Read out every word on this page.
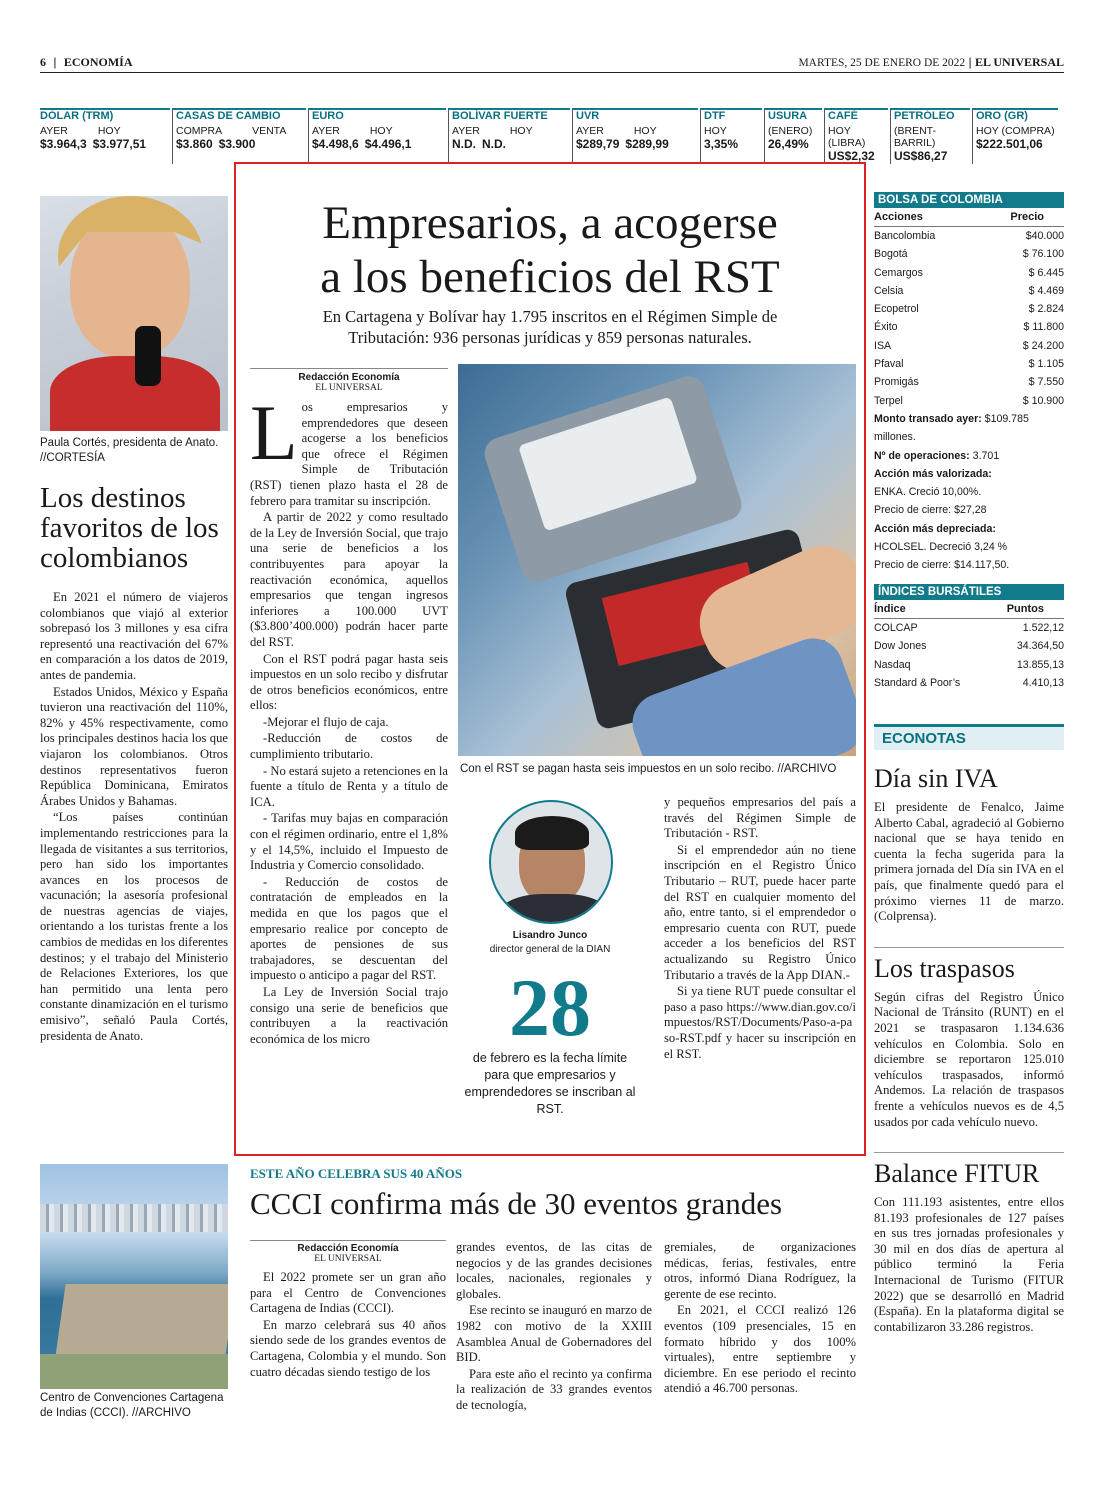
6 | ECONOMÍA	MARTES, 25 DE ENERO DE 2022 | EL UNIVERSAL
DÓLAR (TRM)
AYER	HOY
$3.964,3 $3.977,51
CASAS DE CAMBIO
COMPRA	VENTA
$3.860 $3.900
EURO
AYER	HOY
$4.498,6 $4.496,1
BOLÍVAR FUERTE
AYER	HOY
N.D. N.D.
UVR
AYER	HOY
$289,79 $289,99
DTF
HOY
3,35%
USURA
(ENERO)
26,49%
CAFÉ
HOY (LIBRA)
US$2,32
PETRÓLEO
(BRENT-BARRIL)
US$86,27
ORO (GR)
HOY (COMPRA)
$222.501,06
Paula Cortés, presidenta de Anato. //CORTESÍA
Los destinos favoritos de los colombianos

En 2021 el número de viajeros colombianos que viajó al exterior sobrepasó los 3 millones y esa cifra representó una reactivación del 67% en comparación a los datos de 2019, antes de pandemia.

Estados Unidos, México y España tuvieron una reactivación del 110%, 82% y 45% respectivamente, como los principales destinos hacia los que viajaron los colombianos. Otros destinos representativos fueron República Dominicana, Emiratos Árabes Unidos y Bahamas.

“Los países continúan implementando restricciones para la llegada de visitantes a sus territorios, pero han sido los importantes avances en los procesos de vacunación; la asesoría profesional de nuestras agencias de viajes, orientando a los turistas frente a los cambios de medidas en los diferentes destinos; y el trabajo del Ministerio de Relaciones Exteriores, los que han permitido una lenta pero constante dinamización en el turismo emisivo”, señaló Paula Cortés, presidenta de Anato.

Centro de Convenciones Cartagena de Indias (CCCI). //ARCHIVO
Empresarios, a acogerse
a los beneficios del RST
En Cartagena y Bolívar hay 1.795 inscritos en el Régimen Simple de Tributación: 936 personas jurídicas y 859 personas naturales.
Redacción Economía
EL UNIVERSAL
L os empresarios y emprendedores que deseen acogerse a los beneficios que ofrece el Régimen Simple de Tributación (RST) tienen plazo hasta el 28 de febrero para tramitar su inscripción.

A partir de 2022 y como resultado de la Ley de Inversión Social, que trajo una serie de beneficios a los contribuyentes para apoyar la reactivación económica, aquellos empresarios que tengan ingresos inferiores a 100.000 UVT ($3.800’400.000) podrán hacer parte del RST.

Con el RST podrá pagar hasta seis impuestos en un solo recibo y disfrutar de otros beneficios económicos, entre ellos:

-Mejorar el flujo de caja.

-Reducción de costos de cumplimiento tributario.

- No estará sujeto a retenciones en la fuente a título de Renta y a título de ICA.

- Tarifas muy bajas en comparación con el régimen ordinario, entre el 1,8% y el 14,5%, incluido el Impuesto de Industria y Comercio consolidado.

- Reducción de costos de contratación de empleados en la medida en que los pagos que el empresario realice por concepto de aportes de pensiones de sus trabajadores, se descuentan del impuesto o anticipo a pagar del RST.

La Ley de Inversión Social trajo consigo una serie de beneficios que contribuyen a la reactivación económica de los micro

Con el RST se pagan hasta seis impuestos en un solo recibo. //ARCHIVO
Lisandro Junco
director general de la DIAN
28
de febrero es la fecha límite para que empresarios y emprendedores se inscriban al RST.

y pequeños empresarios del país a través del Régimen Simple de Tributación - RST.

Si el emprendedor aún no tiene inscripción en el Registro Único Tributario – RUT, puede hacer parte del RST en cualquier momento del año, entre tanto, si el emprendedor o empresario cuenta con RUT, puede acceder a los beneficios del RST actualizando su Registro Único Tributario a través de la App DIAN.-

Si ya tiene RUT puede consultar el paso a paso https://www.dian.gov.co/impuestos/RST/Documents/Paso-a-paso-RST.pdf y hacer su inscripción en el RST.

ESTE AÑO CELEBRA SUS 40 AÑOS
CCCI confirma más de 30 eventos grandes
Redacción Economía
EL UNIVERSAL

El 2022 promete ser un gran año para el Centro de Convenciones Cartagena de Indias (CCCI).

En marzo celebrará sus 40 años siendo sede de los grandes eventos de Cartagena, Colombia y el mundo. Son cuatro décadas siendo testigo de los

grandes eventos, de las citas de negocios y de las grandes decisiones locales, nacionales, regionales y globales.

Ese recinto se inauguró en marzo de 1982 con motivo de la XXIII Asamblea Anual de Gobernadores del BID.

Para este año el recinto ya confirma la realización de 33 grandes eventos de tecnología,

gremiales, de organizaciones médicas, ferias, festivales, entre otros, informó Diana Rodríguez, la gerente de ese recinto.

En 2021, el CCCI realizó 126 eventos (109 presenciales, 15 en formato híbrido y dos 100% virtuales), entre septiembre y diciembre. En ese periodo el recinto atendió a 46.700 personas.

BOLSA DE COLOMBIA
Acciones	Precio
Bancolombia	$40.000
Bogotá	$ 76.100
Cemargos	$ 6.445
Celsia	$ 4.469
Ecopetrol	$ 2.824
Éxito	$ 11.800
ISA	$ 24.200
Pfaval	$ 1.105
Promigás	$ 7.550
Terpel	$ 10.900
Monto transado ayer: $109.785 millones.
Nº de operaciones: 3.701
Acción más valorizada:
ENKA. Creció 10,00%.
Precio de cierre: $27,28
Acción más depreciada:
HCOLSEL. Decreció 3,24 %
Precio de cierre: $14.117,50.
ÍNDICES BURSÁTILES
Índice	Puntos
COLCAP	1.522,12
Dow Jones	34.364,50
Nasdaq	13.855,13
Standard & Poor’s	4.410,13
ECONOTAS
Día sin IVA

El presidente de Fenalco, Jaime Alberto Cabal, agradeció al Gobierno nacional que se haya tenido en cuenta la fecha sugerida para la primera jornada del Día sin IVA en el país, que finalmente quedó para el próximo viernes 11 de marzo. (Colprensa).

Los traspasos

Según cifras del Registro Único Nacional de Tránsito (RUNT) en el 2021 se traspasaron 1.134.636 vehículos en Colombia. Solo en diciembre se reportaron 125.010 vehículos traspasados, informó Andemos. La relación de traspasos frente a vehículos nuevos es de 4,5 usados por cada vehículo nuevo.

Balance FITUR

Con 111.193 asistentes, entre ellos 81.193 profesionales de 127 países en sus tres jornadas profesionales y 30 mil en dos días de apertura al público terminó la Feria Internacional de Turismo (FITUR 2022) que se desarrolló en Madrid (España). En la plataforma digital se contabilizaron 33.286 registros.
